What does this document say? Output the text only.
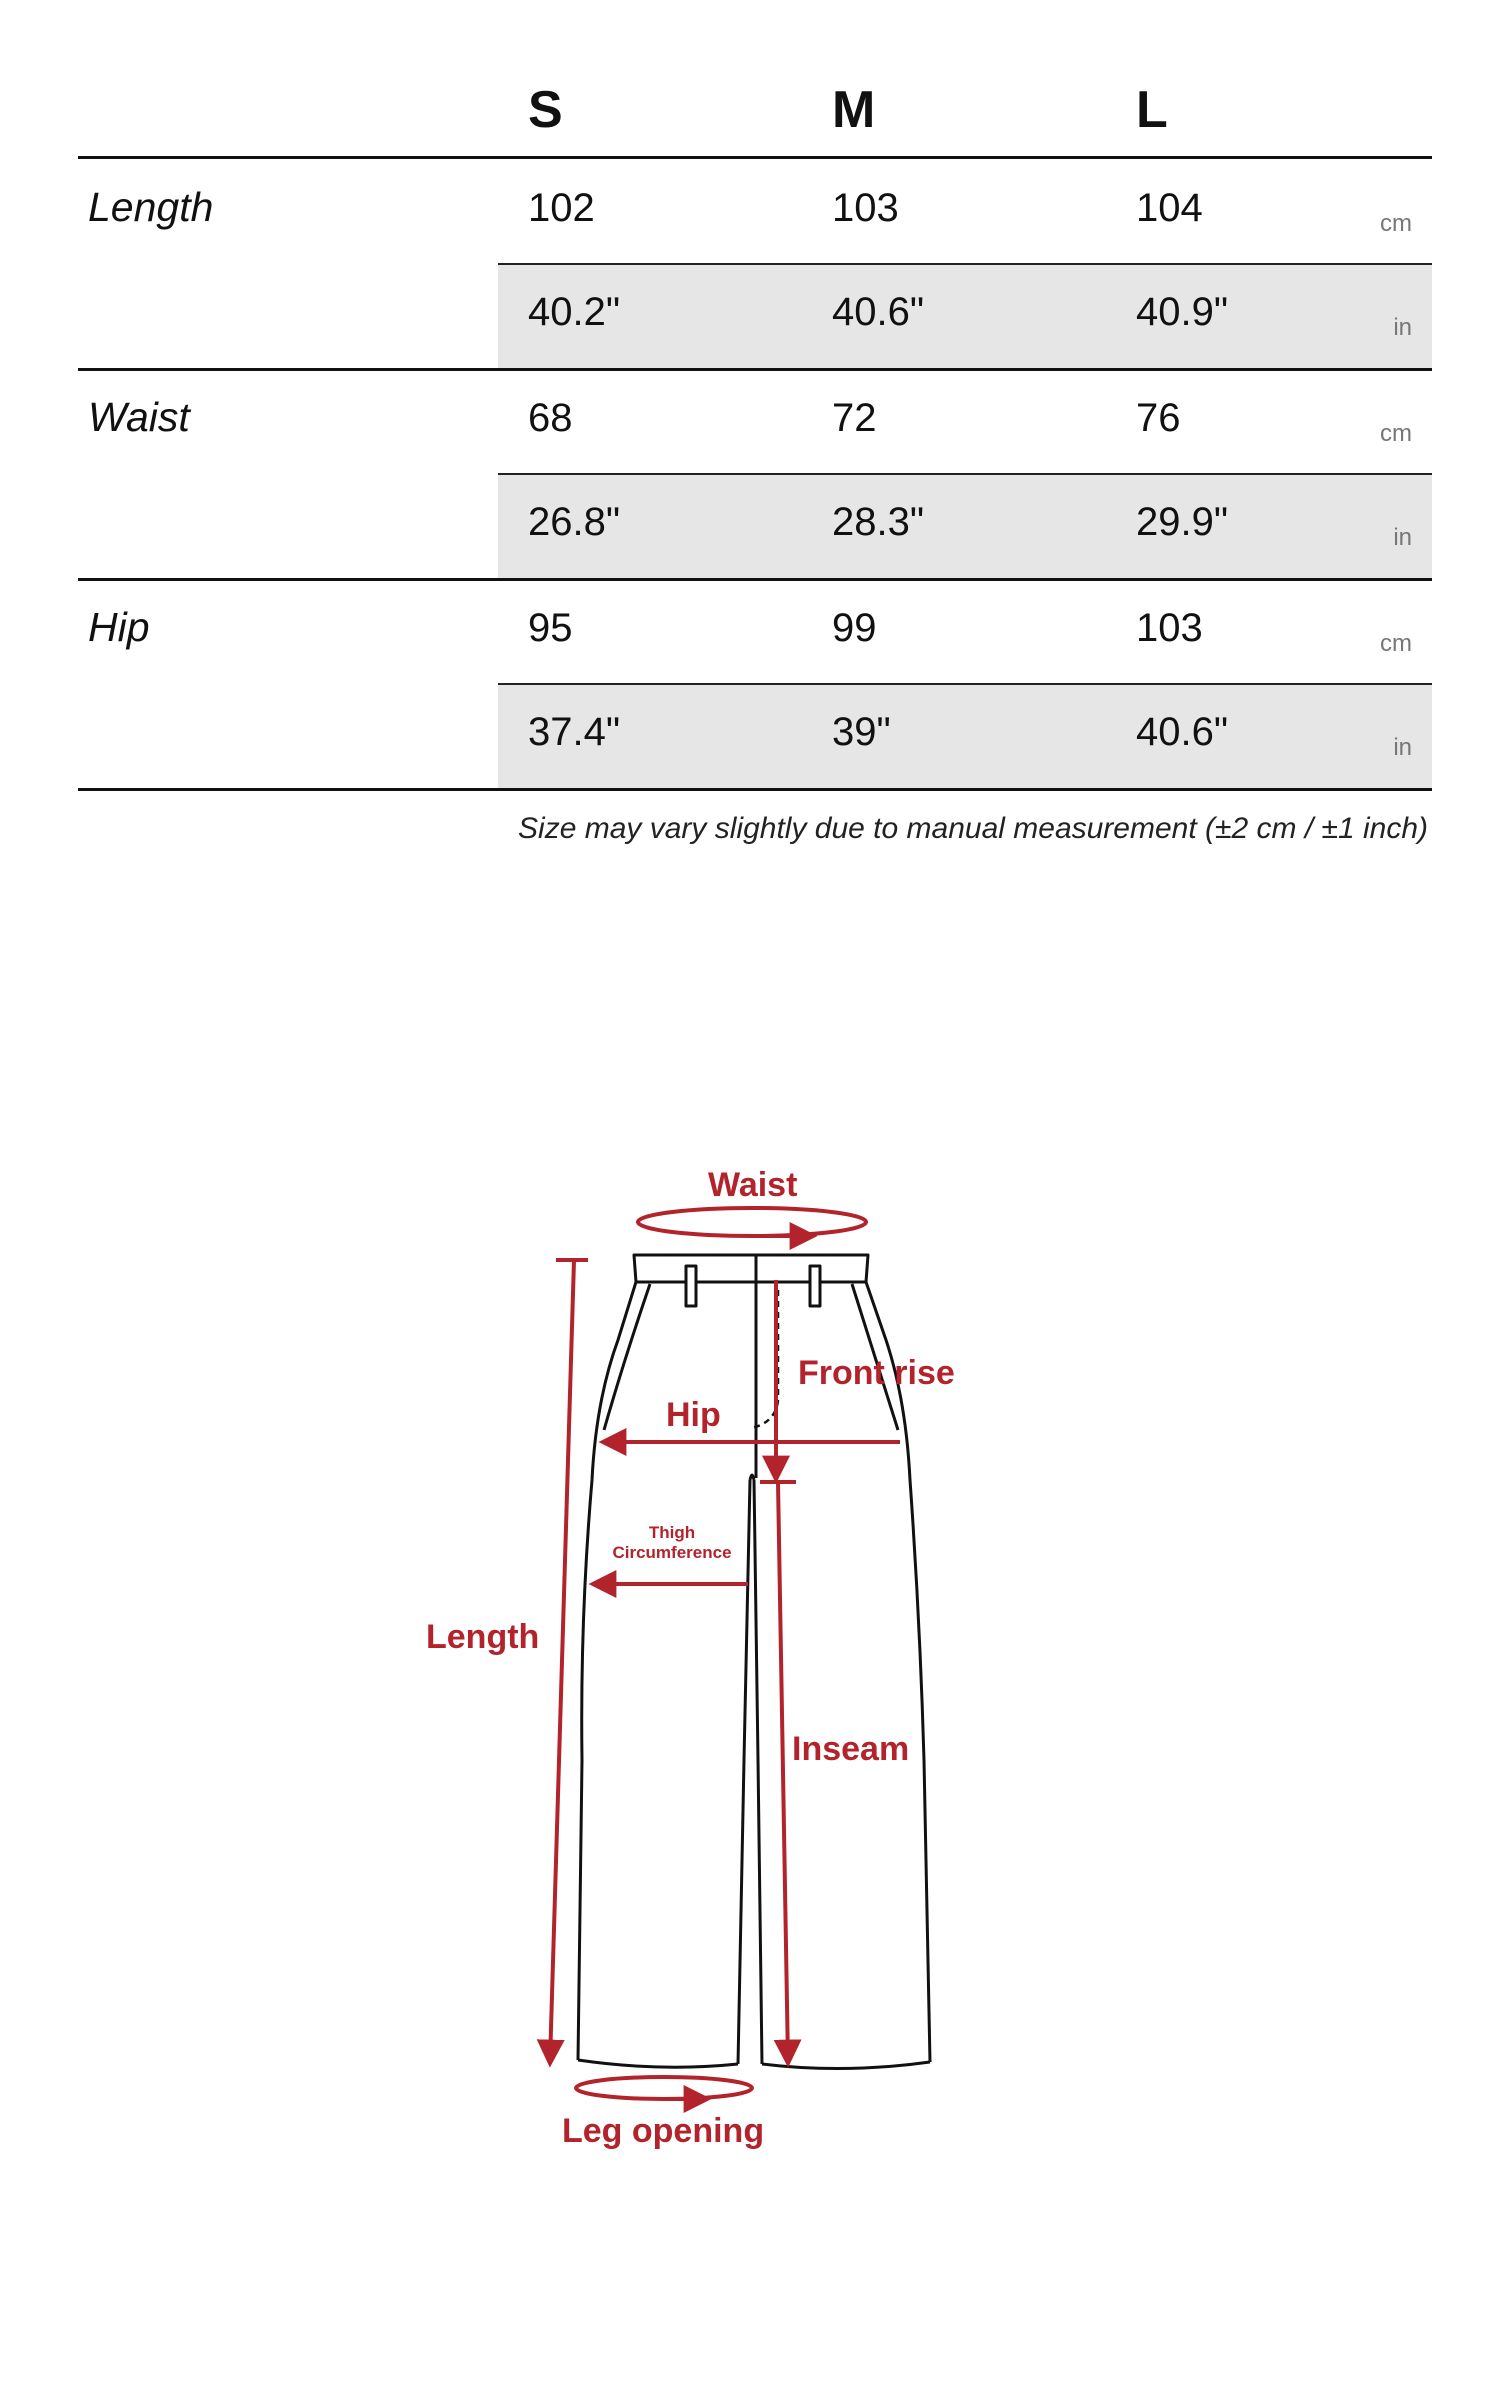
S	M	L
Length	102	103	104	cm
40.2"	40.6"	40.9"	in
Waist	68	72	76	cm
26.8"	28.3"	29.9"	in
Hip	95	99	103	cm
37.4"	39"	40.6"	in
Size may vary slightly due to manual measurement (±2 cm / ±1 inch)
Waist
Front rise
Hip
Thigh
Circumference
Length
Inseam
Leg opening
